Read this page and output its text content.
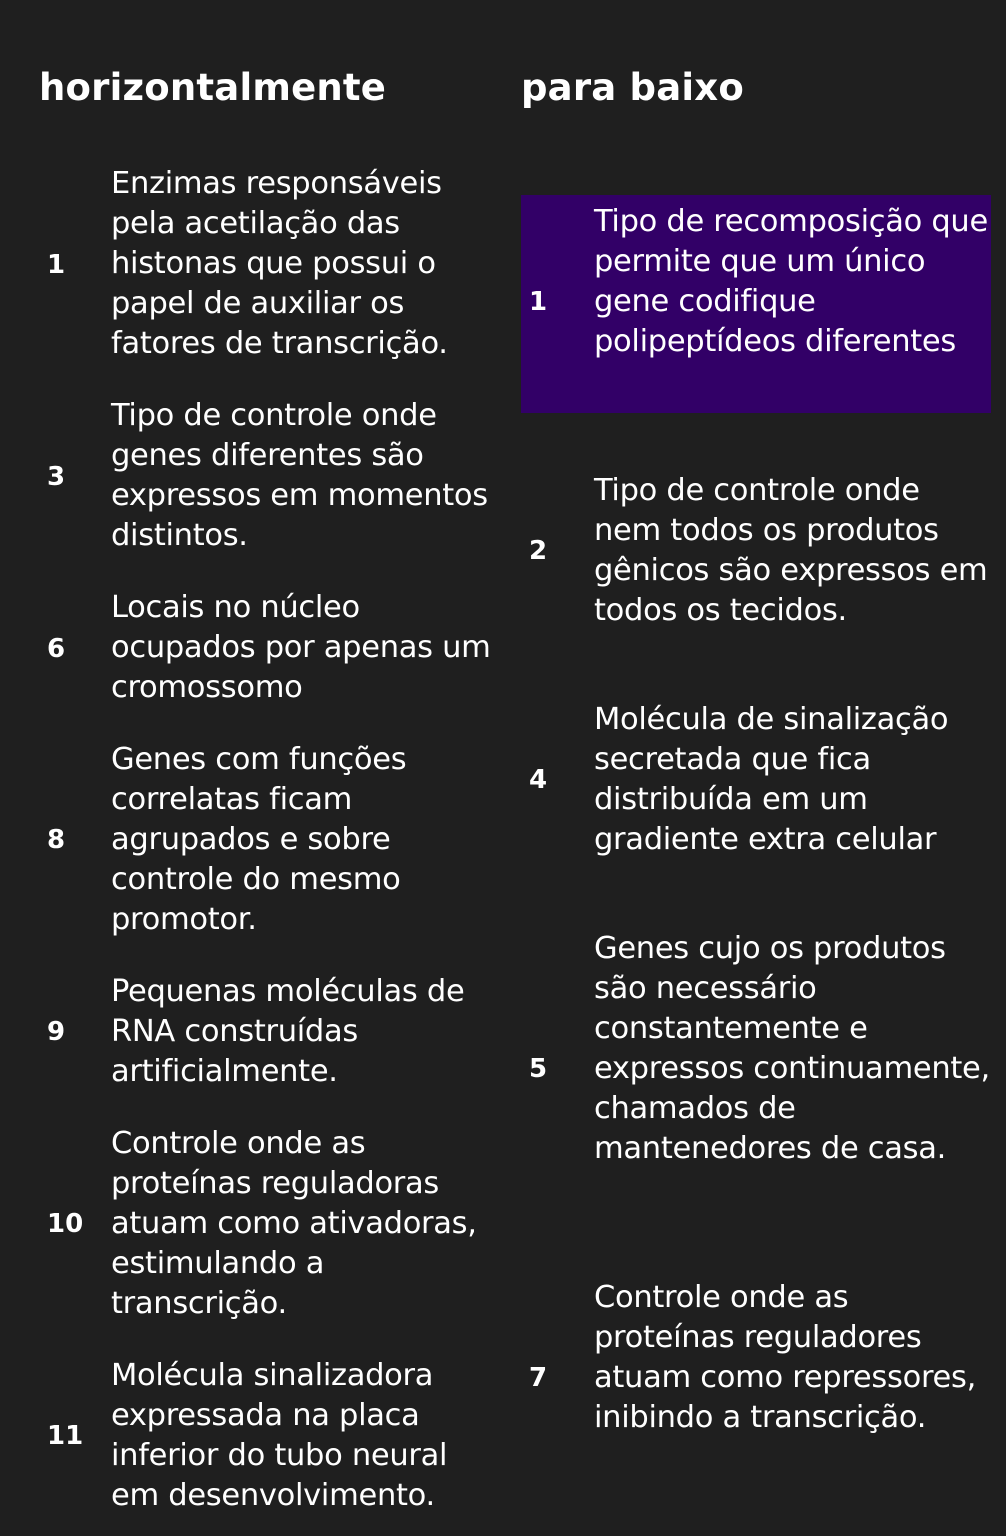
horizontalmente	para baixo
1
Enzimas responsáveis pela acetilação das histonas que possui o papel de auxiliar os fatores de transcrição.
3
Tipo de controle onde genes diferentes são expressos em momentos distintos.
6
Locais no núcleo ocupados por apenas um cromossomo
8
Genes com funções correlatas ficam agrupados e sobre controle do mesmo promotor.
9
Pequenas moléculas de RNA construídas artificialmente.
10
Controle onde as proteínas reguladoras atuam como ativadoras, estimulando a transcrição.
11
Molécula sinalizadora expressada na placa inferior do tubo neural em desenvolvimento.
1
Tipo de recomposição que permite que um único gene codifique polipeptídeos diferentes
2
Tipo de controle onde nem todos os produtos gênicos são expressos em todos os tecidos.
4
Molécula de sinalização secretada que fica distribuída em um gradiente extra celular
5
Genes cujo os produtos são necessário constantemente e expressos continuamente, chamados de mantenedores de casa.
7
Controle onde as proteínas reguladores atuam como repressores, inibindo a transcrição.
